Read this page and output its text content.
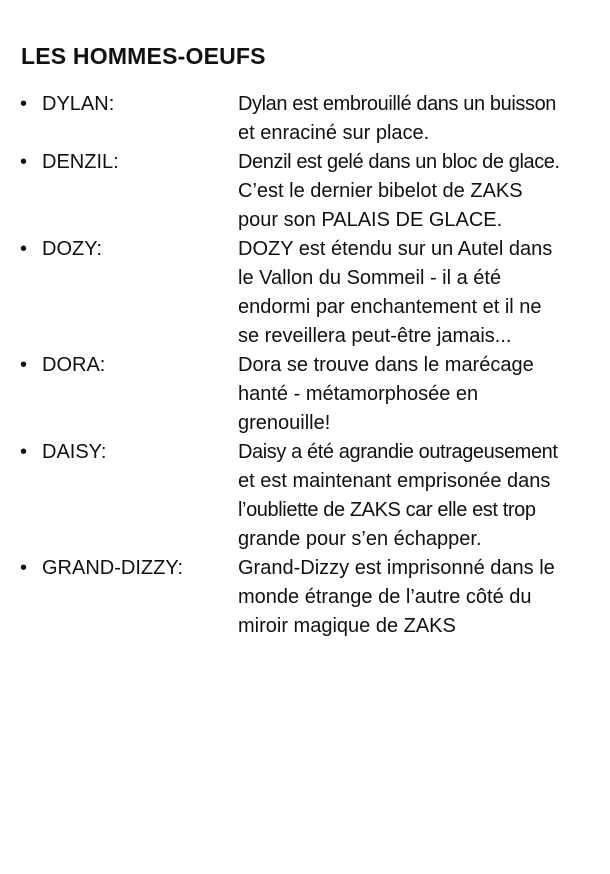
LES HOMMES-OEUFS
• DYLAN:	Dylan est embrouillé dans un buisson
et enraciné sur place.
• DENZIL:	Denzil est gelé dans un bloc de glace.
C’est le dernier bibelot de ZAKS
pour son PALAIS DE GLACE.
• DOZY:	DOZY est étendu sur un Autel dans
le Vallon du Sommeil - il a été
endormi par enchantement et il ne
se reveillera peut-être jamais...
• DORA:	Dora se trouve dans le marécage
hanté - métamorphosée en
grenouille!
• DAISY:	Daisy a été agrandie outrageusement
et est maintenant emprisonée dans
l’oubliette de ZAKS car elle est trop
grande pour s’en échapper.
• GRAND-DIZZY:	Grand-Dizzy est imprisonné dans le
monde étrange de l’autre côté du
miroir magique de ZAKS
